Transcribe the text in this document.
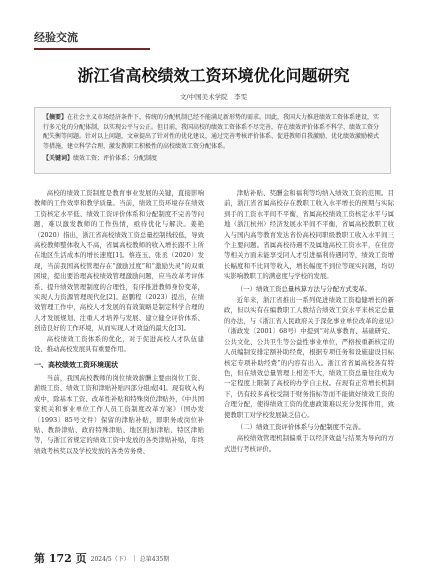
经验交流
浙江省高校绩效工资环境优化问题研究
文/中国美术学院　李雯
【摘要】在社会主义市场经济条件下，传统的分配机制已经不能满足新形势的需求。因此，我国大力推进绩效工资体系建设，实行多元化的分配体制，以实现公平与公正。但目前，我国高校的绩效工资体系不尽完善，存在绩效评价体系不科学、绩效工资分配失衡等问题。针对以上问题，文章提出了针对性的优化建议，通过完善考核评价体系、促进教师自我激励、优化绩效激励模式等措施，建立科学合理、激发教职工积极性的高校绩效工资分配体系。
【关键词】绩效工资；评价体系；分配制度

高校的绩效工资制度是教育事业发展的关键，直接影响教师的工作效率和教学质量。当前，绩效工资环境存在绩效工资核定水平低、绩效工资评价体系和分配制度不完善等问题，难以激发教师的工作热情，亟待优化与解决。姜艳（2020）指出，浙江省高校绩效工资总量控制线较低，导致高校教师整体收入不高，省属高校教师的收入增长跟不上所在地区生活成本的增长速度[1]。蔡连玉、张丞（2020）发现，当前我国高校管理存在“激励过度”和“激励失灵”的双重困境，提出要治理高校绩效管理激励问题，应当改革考评体系、提升绩效管理制度的合理性，有序推进教师身份变革，实现人力资源管理现代化[2]。赵鹏程（2023）提出，在绩效管理工作中，高校人才发展的有效策略是制定科学合理的人才发展规划、注重人才培养与发展、建立健全评价体系、创造良好的工作环境，从而实现人才效益的最大化[3]。

高校绩效工资体系的优化，对于促进高校人才队伍建设、推动高校发展具有重要作用。

一、高校绩效工资环境现状

当前，我国高校教师的岗位绩效薪酬主要由岗位工资、薪级工资、绩效工资和津贴补贴四部分组成[4]。现有收入构成中，除基本工资、改革性补贴和特殊岗位津贴外，《中共国家机关和事业单位工作人员工资制度改革方案》（国办发〔1993〕85号文件）保留的津贴补贴，即职务或岗位补贴、教龄津贴、政府特殊津贴、地区附加津贴、特区津贴等，与浙江省规定的绩效工资中发放的各类津贴补贴，年终绩效考核奖以及学校发放的各类劳务费、

津贴补贴、奖酬金和福利等均纳入绩效工资的范围。目前，浙江省省属高校存在教职工收入水平增长的预期与实际到手的工资水平间不平衡，省属高校绩效工资核定水平与属地（浙江杭州）经济发展水平间不平衡，省属高校教职工收入与国内高等教育发达省份高校同职级教职工收入水平间三个主要问题。省属高校待遇不及属地高校工资水平，在住房等相关方面未能享受同人才引进福利待遇同等，绩效工资增长幅度和不比同等收入，增长幅度不到位等现实问题，均切实影响教职工的满意度与学校的发展。

（一）绩效工资总量核算方法与分配方式变革。

近年来，浙江省推出一系列促进绩效工资稳健增长的新政，但以实有在编教职工人数结合绩效工资水平来核定总量的办法，与《浙江省人民政府关于深化事业单位改革的意见》（浙政发〔2001〕68号）中提到“对从事教育、基础研究、公共文化、公共卫生等公益性事业单位，严格按重新核定的人员编制安排定额补助经费，根据专项任务和设施建设目标核定专项补助经费”的内容有出入。浙江省省属高校各有特色，但在绩效总量管理上相差不大，绩效工资总量往往成为一定程度上限制了高校的办学自主权。在现有正常增长机制下，仍有较多高校受制于财务指标等而不能做好绩效工资的合理分配，使得绩效工资的优惠政策难以充分发挥作用，致使教职工对学校发展缺乏信心。

（二）绩效工资评价体系与分配制度不完善。

高校绩效管理机制偏重于以经济效益与结果为导向的方式进行考核评价。

第 172 页 2024/5（下） | 总第435期
